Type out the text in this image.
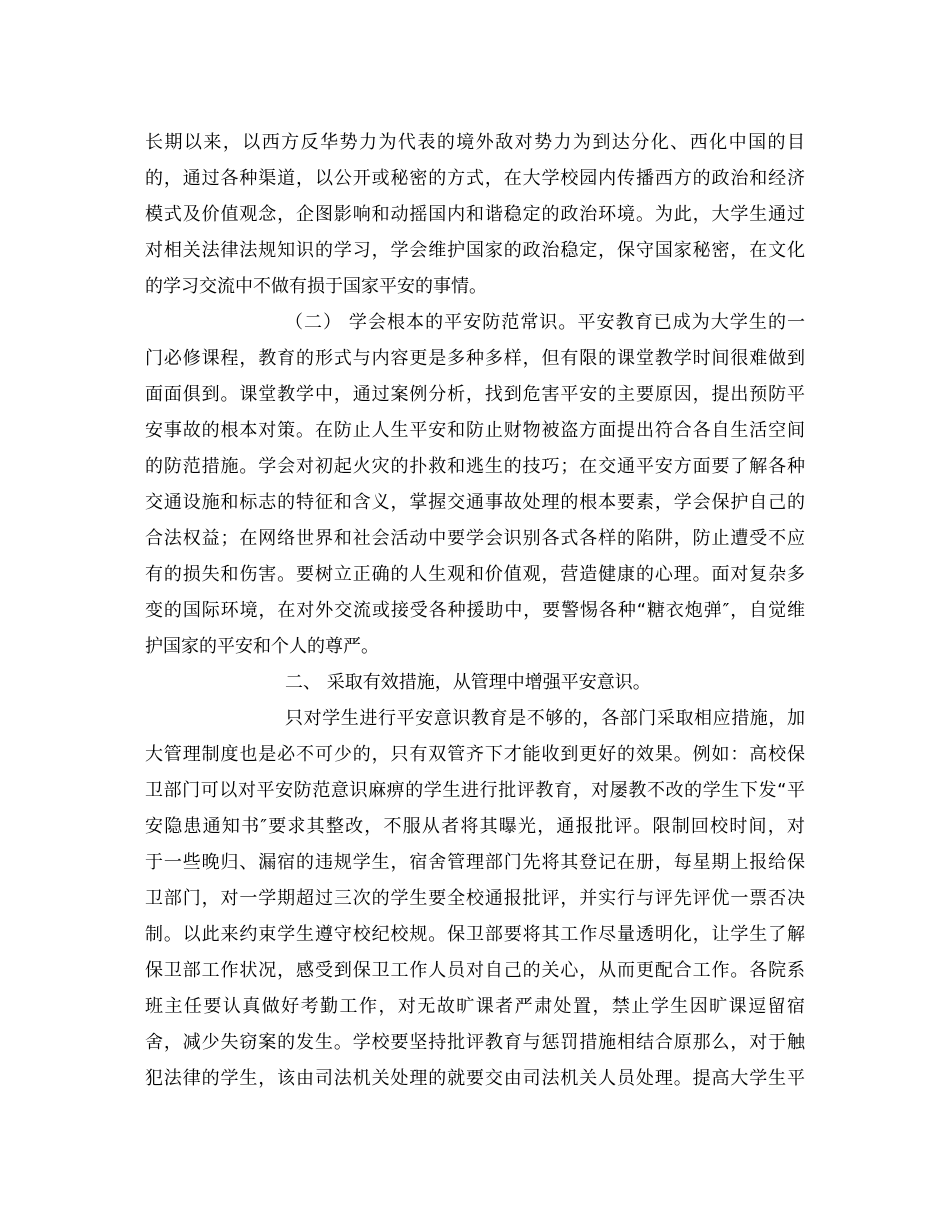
长期以来，以西方反华势力为代表的境外敌对势力为到达分化、西化中国的目
的，通过各种渠道，以公开或秘密的方式，在大学校园内传播西方的政治和经济
模式及价值观念，企图影响和动摇国内和谐稳定的政治环境。为此，大学生通过
对相关法律法规知识的学习，学会维护国家的政治稳定，保守国家秘密，在文化
的学习交流中不做有损于国家平安的事情。
（二） 学会根本的平安防范常识。平安教育已成为大学生的一
门必修课程，教育的形式与内容更是多种多样，但有限的课堂教学时间很难做到
面面俱到。课堂教学中，通过案例分析，找到危害平安的主要原因，提出预防平
安事故的根本对策。在防止人生平安和防止财物被盗方面提出符合各自生活空间
的防范措施。学会对初起火灾的扑救和逃生的技巧；在交通平安方面要了解各种
交通设施和标志的特征和含义，掌握交通事故处理的根本要素，学会保护自己的
合法权益；在网络世界和社会活动中要学会识别各式各样的陷阱，防止遭受不应
有的损失和伤害。要树立正确的人生观和价值观，营造健康的心理。面对复杂多
变的国际环境，在对外交流或接受各种援助中，要警惕各种“糖衣炮弹″，自觉维
护国家的平安和个人的尊严。
二、 采取有效措施，从管理中增强平安意识。
只对学生进行平安意识教育是不够的，各部门采取相应措施，加
大管理制度也是必不可少的，只有双管齐下才能收到更好的效果。例如：高校保
卫部门可以对平安防范意识麻痹的学生进行批评教育，对屡教不改的学生下发“平
安隐患通知书″要求其整改，不服从者将其曝光，通报批评。限制回校时间，对
于一些晚归、漏宿的违规学生，宿舍管理部门先将其登记在册，每星期上报给保
卫部门，对一学期超过三次的学生要全校通报批评，并实行与评先评优一票否决
制。以此来约束学生遵守校纪校规。保卫部要将其工作尽量透明化，让学生了解
保卫部工作状况，感受到保卫工作人员对自己的关心，从而更配合工作。各院系
班主任要认真做好考勤工作，对无故旷课者严肃处置，禁止学生因旷课逗留宿
舍，减少失窃案的发生。学校要坚持批评教育与惩罚措施相结合原那么，对于触
犯法律的学生，该由司法机关处理的就要交由司法机关人员处理。提高大学生平
